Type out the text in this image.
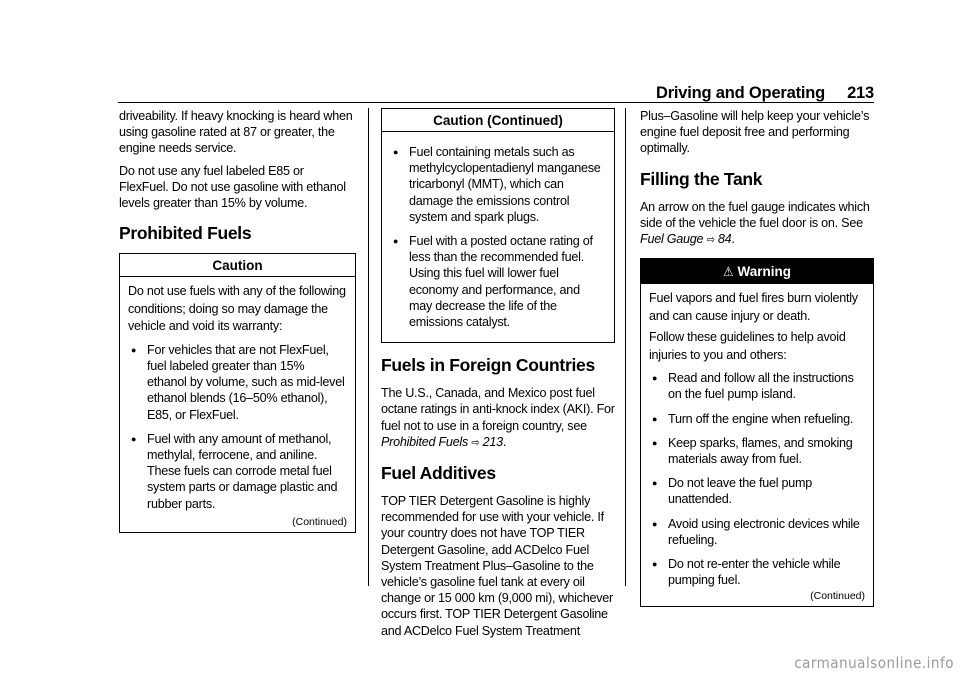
Driving and Operating 213

driveability. If heavy knocking is heard when using gasoline rated at 87 or greater, the engine needs service.

Do not use any fuel labeled E85 or FlexFuel. Do not use gasoline with ethanol levels greater than 15% by volume.

Prohibited Fuels
Caution

Do not use fuels with any of the following conditions; doing so may damage the vehicle and void its warranty:

● For vehicles that are not FlexFuel, fuel labeled greater than 15% ethanol by volume, such as mid-level ethanol blends (16–50% ethanol), E85, or FlexFuel.
● Fuel with any amount of methanol, methylal, ferrocene, and aniline. These fuels can corrode metal fuel system parts or damage plastic and rubber parts.
(Continued)
Caution (Continued)
● Fuel containing metals such as methylcyclopentadienyl manganese tricarbonyl (MMT), which can damage the emissions control system and spark plugs.
● Fuel with a posted octane rating of less than the recommended fuel. Using this fuel will lower fuel economy and performance, and may decrease the life of the emissions catalyst.
Fuels in Foreign Countries

The U.S., Canada, and Mexico post fuel octane ratings in anti-knock index (AKI). For fuel not to use in a foreign country, see Prohibited Fuels ⇨ 213.

Fuel Additives

TOP TIER Detergent Gasoline is highly recommended for use with your vehicle. If your country does not have TOP TIER Detergent Gasoline, add ACDelco Fuel System Treatment Plus–Gasoline to the vehicle’s gasoline fuel tank at every oil change or 15 000 km (9,000 mi), whichever occurs first. TOP TIER Detergent Gasoline and ACDelco Fuel System Treatment

Plus–Gasoline will help keep your vehicle’s engine fuel deposit free and performing optimally.

Filling the Tank

An arrow on the fuel gauge indicates which side of the vehicle the fuel door is on. See Fuel Gauge ⇨ 84.

⚠ Warning

Fuel vapors and fuel fires burn violently and can cause injury or death.

Follow these guidelines to help avoid injuries to you and others:

● Read and follow all the instructions on the fuel pump island.
● Turn off the engine when refueling.
● Keep sparks, flames, and smoking materials away from fuel.
● Do not leave the fuel pump unattended.
● Avoid using electronic devices while refueling.
● Do not re-enter the vehicle while pumping fuel.
(Continued)
carmanualsonline.info
